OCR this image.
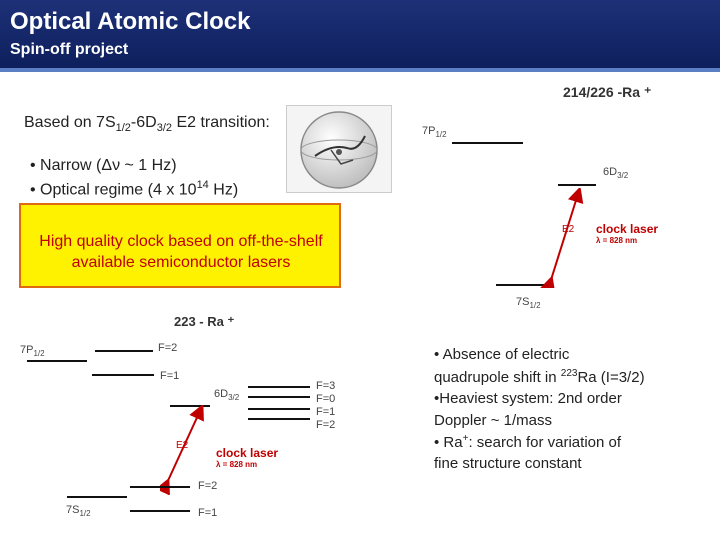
Optical Atomic Clock
Spin-off project
Based on $7S_{1/2}-6D_{3/2}$ E2 transition:
• Narrow (Δν ~ 1 Hz)
• Optical regime (4 x $10^{14}$ Hz)
High quality clock based on off-the-shelf available semiconductor lasers
214/226 -Ra ⁺
$7P_{1/2}$
$6D_{3/2}$
E2 clock laser
λ = 828 nm
$7S_{1/2}$
223 - Ra ⁺
$7P_{1/2}$	F=2
F=1
$6D_{3/2}$
F=3
F=0
F=1
F=2
E2
clock laser
λ = 828 nm
F=2
F=1
$7S_{1/2}$
• Absence of electric
quadrupole shift in $^{223}$Ra (I=3/2)
•Heaviest system: 2nd order
Doppler ~ 1/mass
• Ra+: search for variation of
fine structure constant
